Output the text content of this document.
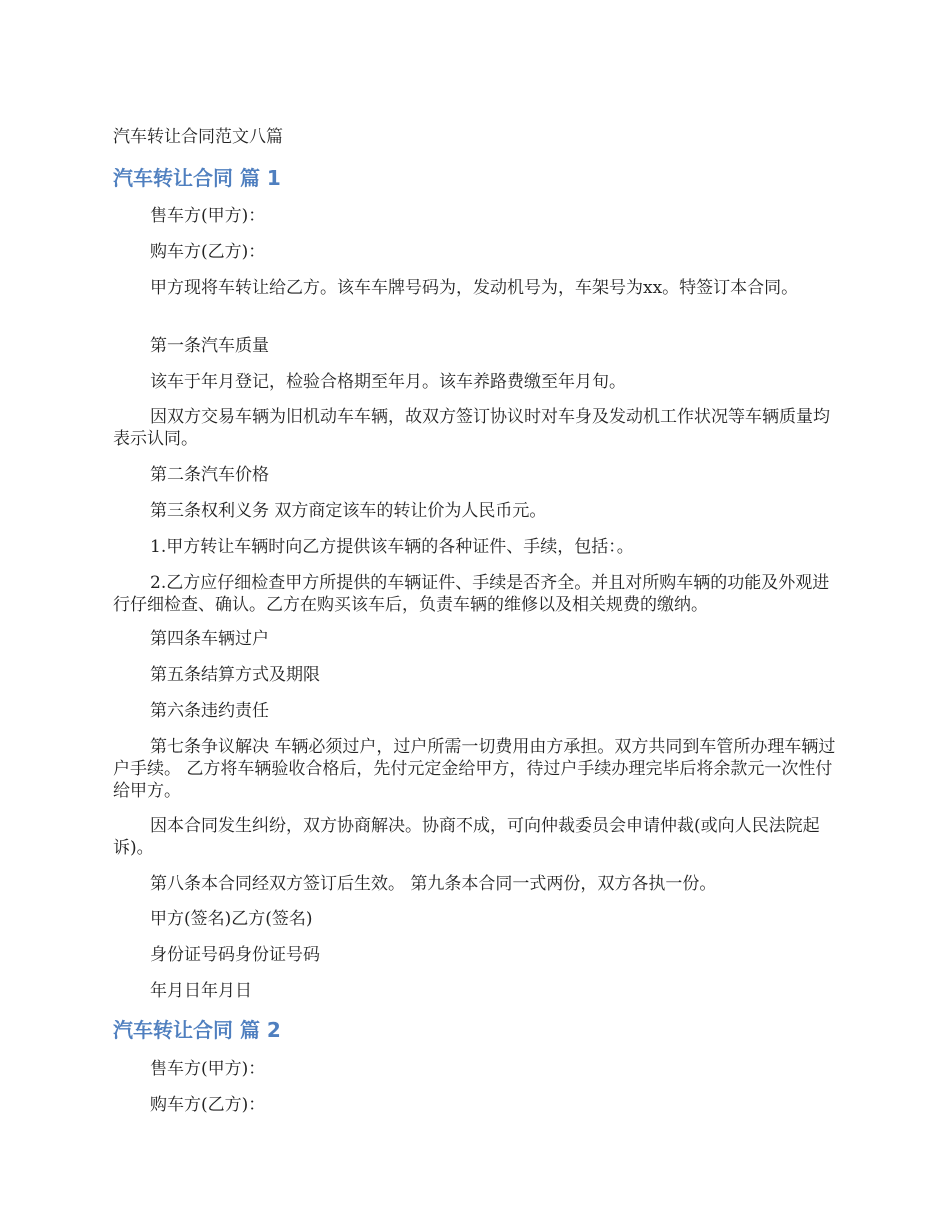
汽车转让合同范文八篇
汽车转让合同 篇 1

售车方(甲方)：

购车方(乙方)：

甲方现将车转让给乙方。该车车牌号码为，发动机号为，车架号为xx。特签订本合同。

第一条汽车质量

该车于年月登记，检验合格期至年月。该车养路费缴至年月旬。

因双方交易车辆为旧机动车车辆，故双方签订协议时对车身及发动机工作状况等车辆质量均表示认同。

第二条汽车价格

第三条权利义务 双方商定该车的转让价为人民币元。

1.甲方转让车辆时向乙方提供该车辆的各种证件、手续，包括：。

2.乙方应仔细检查甲方所提供的车辆证件、手续是否齐全。并且对所购车辆的功能及外观进行仔细检查、确认。乙方在购买该车后，负责车辆的维修以及相关规费的缴纳。

第四条车辆过户

第五条结算方式及期限

第六条违约责任

第七条争议解决 车辆必须过户，过户所需一切费用由方承担。双方共同到车管所办理车辆过户手续。 乙方将车辆验收合格后，先付元定金给甲方，待过户手续办理完毕后将余款元一次性付给甲方。

因本合同发生纠纷，双方协商解决。协商不成，可向仲裁委员会申请仲裁(或向人民法院起诉)。

第八条本合同经双方签订后生效。 第九条本合同一式两份，双方各执一份。

甲方(签名)乙方(签名)

身份证号码身份证号码

年月日年月日

汽车转让合同 篇 2

售车方(甲方)：

购车方(乙方)：
